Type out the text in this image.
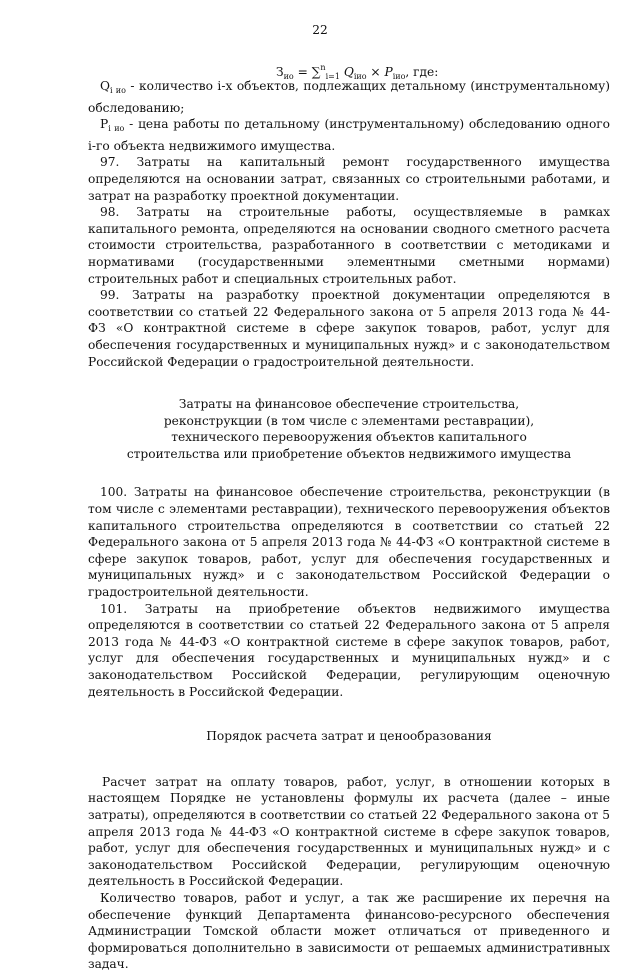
22
$З_{ио} = \sum^n_{i=1}$ $Q_{iио} \times P_{iио}$, где:

$Q_{i ио}$ - количество i-х объектов, подлежащих детальному (инструментальному) обследованию;

$P_{i ио}$ - цена работы по детальному (инструментальному) обследованию одного i-го объекта недвижимого имущества.

97. Затраты на капитальный ремонт государственного имущества определяются на основании затрат, связанных со строительными работами, и затрат на разработку проектной документации.

98. Затраты на строительные работы, осуществляемые в рамках капитального ремонта, определяются на основании сводного сметного расчета стоимости строительства, разработанного в соответствии с методиками и нормативами (государственными элементными сметными нормами) строительных работ и специальных строительных работ.

99. Затраты на разработку проектной документации определяются в соответствии со статьей 22 Федерального закона от 5 апреля 2013 года № 44-ФЗ «О контрактной системе в сфере закупок товаров, работ, услуг для обеспечения государственных и муниципальных нужд» и с законодательством Российской Федерации о градостроительной деятельности.

Затраты на финансовое обеспечение строительства,

реконструкции (в том числе с элементами реставрации),

технического перевооружения объектов капитального

строительства или приобретение объектов недвижимого имущества

100. Затраты на финансовое обеспечение строительства, реконструкции (в том числе с элементами реставрации), технического перевооружения объектов капитального строительства определяются в соответствии со статьей 22 Федерального закона от 5 апреля 2013 года № 44-ФЗ «О контрактной системе в сфере закупок товаров, работ, услуг для обеспечения государственных и муниципальных нужд» и с законодательством Российской Федерации о градостроительной деятельности.

101. Затраты на приобретение объектов недвижимого имущества определяются в соответствии со статьей 22 Федерального закона от 5 апреля 2013 года № 44-ФЗ «О контрактной системе в сфере закупок товаров, работ, услуг для обеспечения государственных и муниципальных нужд» и с законодательством Российской Федерации, регулирующим оценочную деятельность в Российской Федерации.

Порядок расчета затрат и ценообразования

Расчет затрат на оплату товаров, работ, услуг, в отношении которых в настоящем Порядке не установлены формулы их расчета (далее – иные затраты), определяются в соответствии со статьей 22 Федерального закона от 5 апреля 2013 года № 44-ФЗ «О контрактной системе в сфере закупок товаров, работ, услуг для обеспечения государственных и муниципальных нужд» и с законодательством Российской Федерации, регулирующим оценочную деятельность в Российской Федерации.

Количество товаров, работ и услуг, а так же расширение их перечня на обеспечение функций Департамента финансово-ресурсного обеспечения Администрации Томской области может отличаться от приведенного и формироваться дополнительно в зависимости от решаемых административных задач.
